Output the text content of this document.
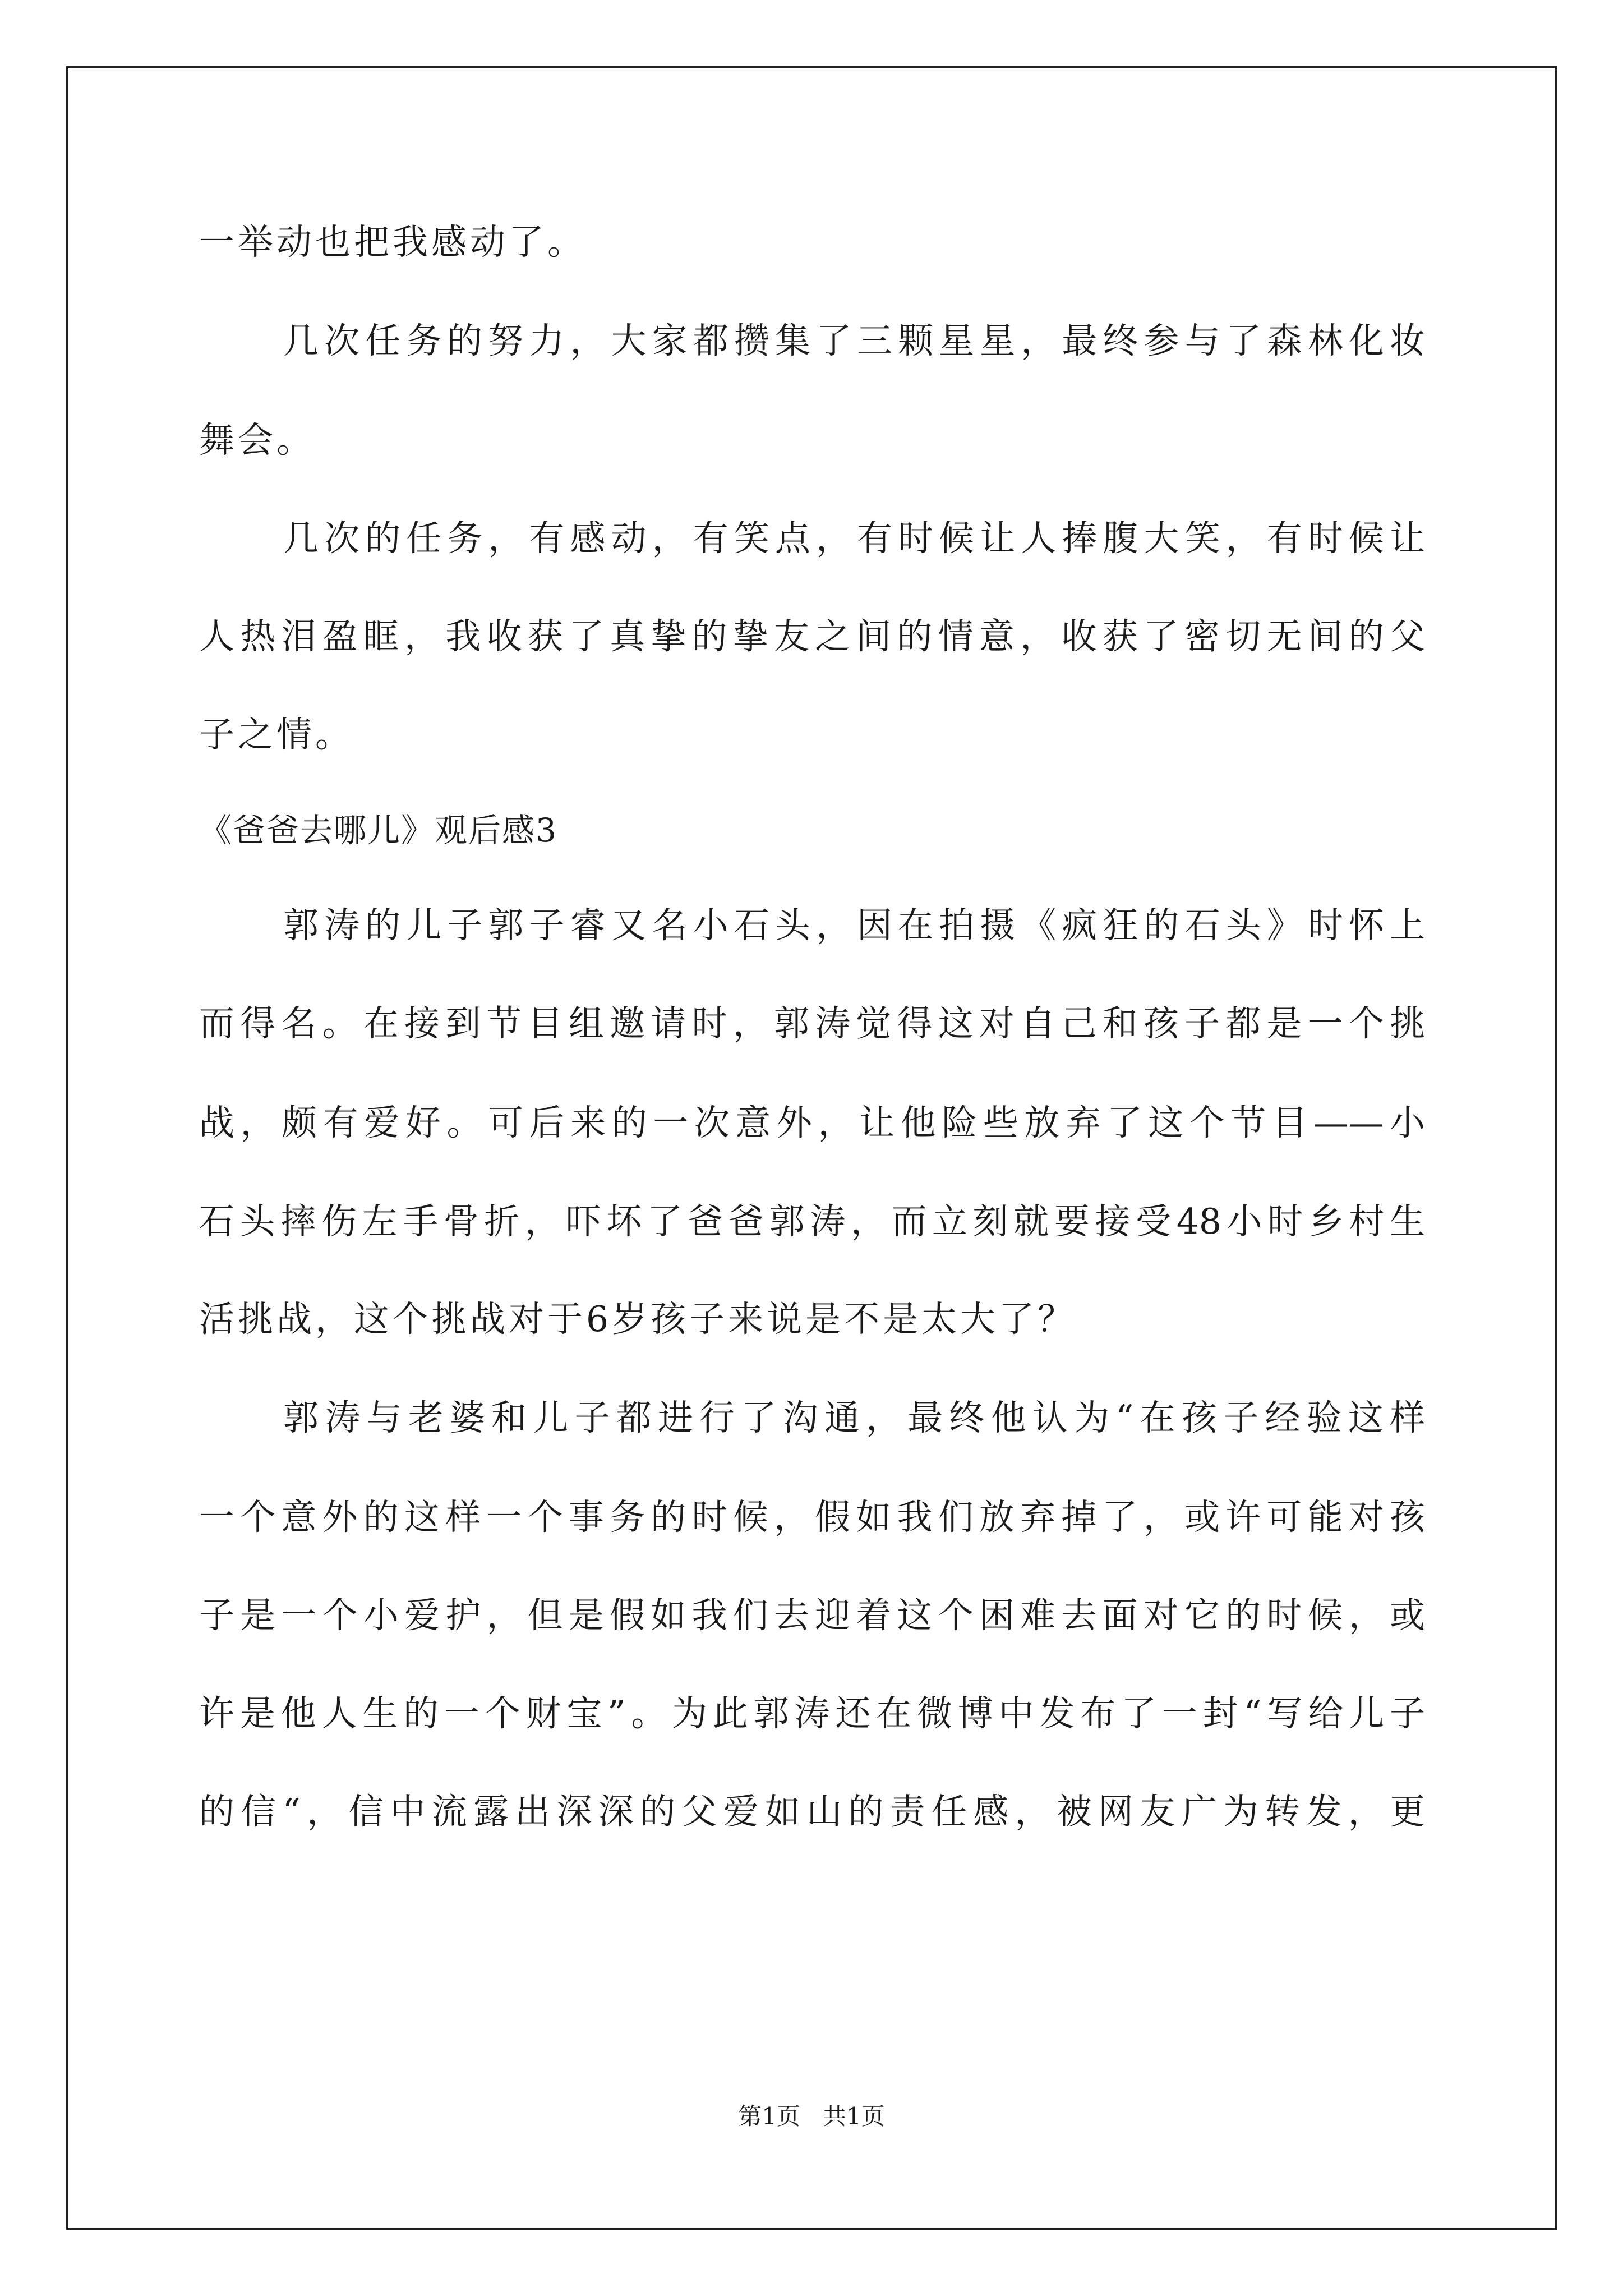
一举动也把我感动了。
几次任务的努力，大家都攒集了三颗星星，最终参与了森林化妆
舞会。
几次的任务，有感动，有笑点，有时候让人捧腹大笑，有时候让
人热泪盈眶，我收获了真挚的挚友之间的情意，收获了密切无间的父
子之情。
《爸爸去哪儿》观后感3
郭涛的儿子郭子睿又名小石头，因在拍摄《疯狂的石头》时怀上
而得名。在接到节目组邀请时，郭涛觉得这对自己和孩子都是一个挑
战，颇有爱好。可后来的一次意外，让他险些放弃了这个节目——小
石头摔伤左手骨折，吓坏了爸爸郭涛，而立刻就要接受48小时乡村生
活挑战，这个挑战对于6岁孩子来说是不是太大了？
郭涛与老婆和儿子都进行了沟通，最终他认为“在孩子经验这样
一个意外的这样一个事务的时候，假如我们放弃掉了，或许可能对孩
子是一个小爱护，但是假如我们去迎着这个困难去面对它的时候，或
许是他人生的一个财宝”。为此郭涛还在微博中发布了一封“写给儿子
的信“，信中流露出深深的父爱如山的责任感，被网友广为转发，更
第1页   共1页
